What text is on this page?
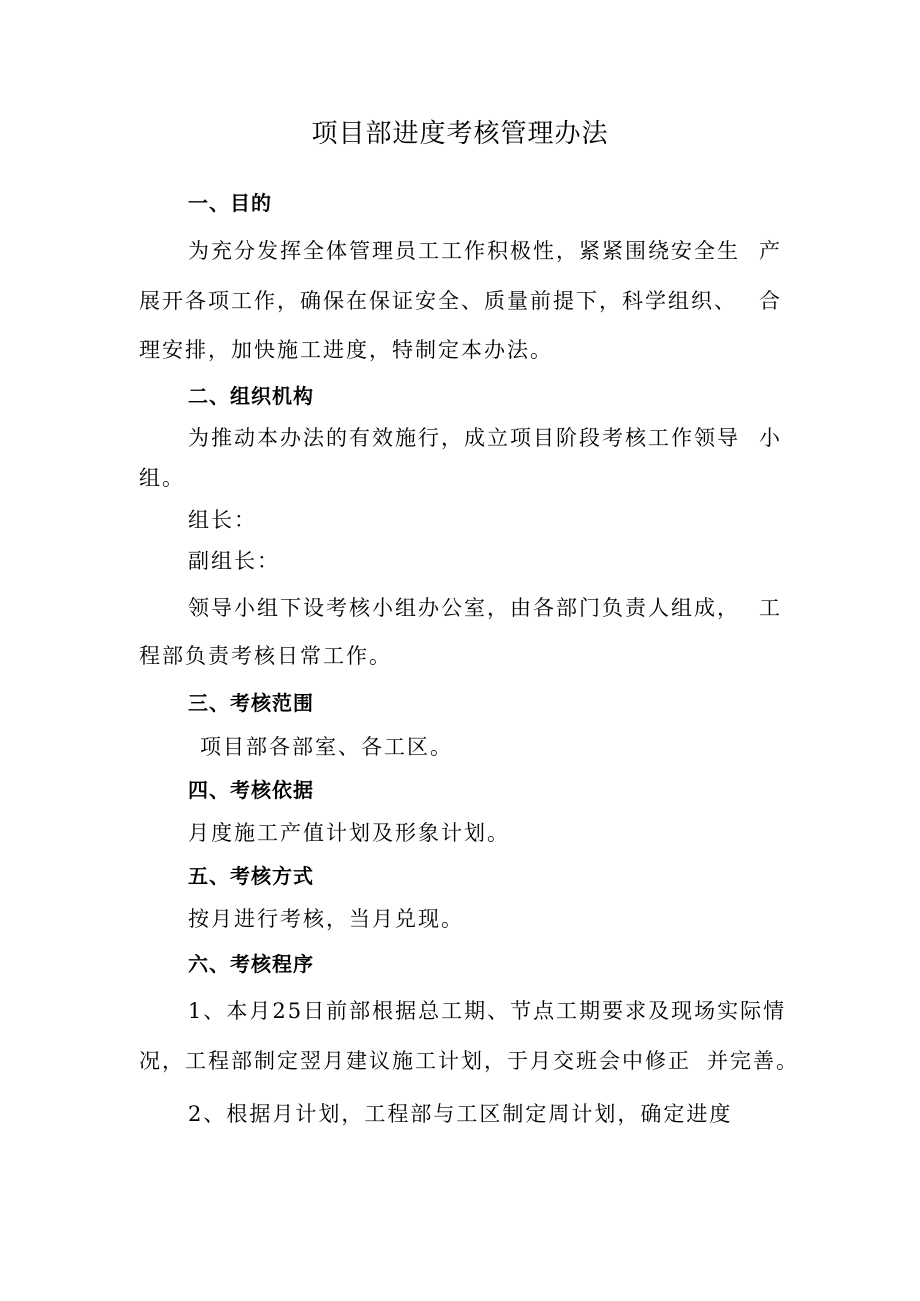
项目部进度考核管理办法
一、目的
为充分发挥全体管理员工工作积极性，紧紧围绕安全生 产
展开各项工作，确保在保证安全、质量前提下，科学组织、 合
理安排，加快施工进度，特制定本办法。
二、组织机构
为推动本办法的有效施行，成立项目阶段考核工作领导 小
组。
组长：
副组长：
领导小组下设考核小组办公室，由各部门负责人组成， 工
程部负责考核日常工作。
三、考核范围
项目部各部室、各工区。
四、考核依据
月度施工产值计划及形象计划。
五、考核方式
按月进行考核，当月兑现。
六、考核程序
1、本月25日前部根据总工期、节点工期要求及现场实 际情
况，工程部制定翌月建议施工计划，于月交班会中修正 并完善。
2、根据月计划，工程部与工区制定周计划，确定进度
